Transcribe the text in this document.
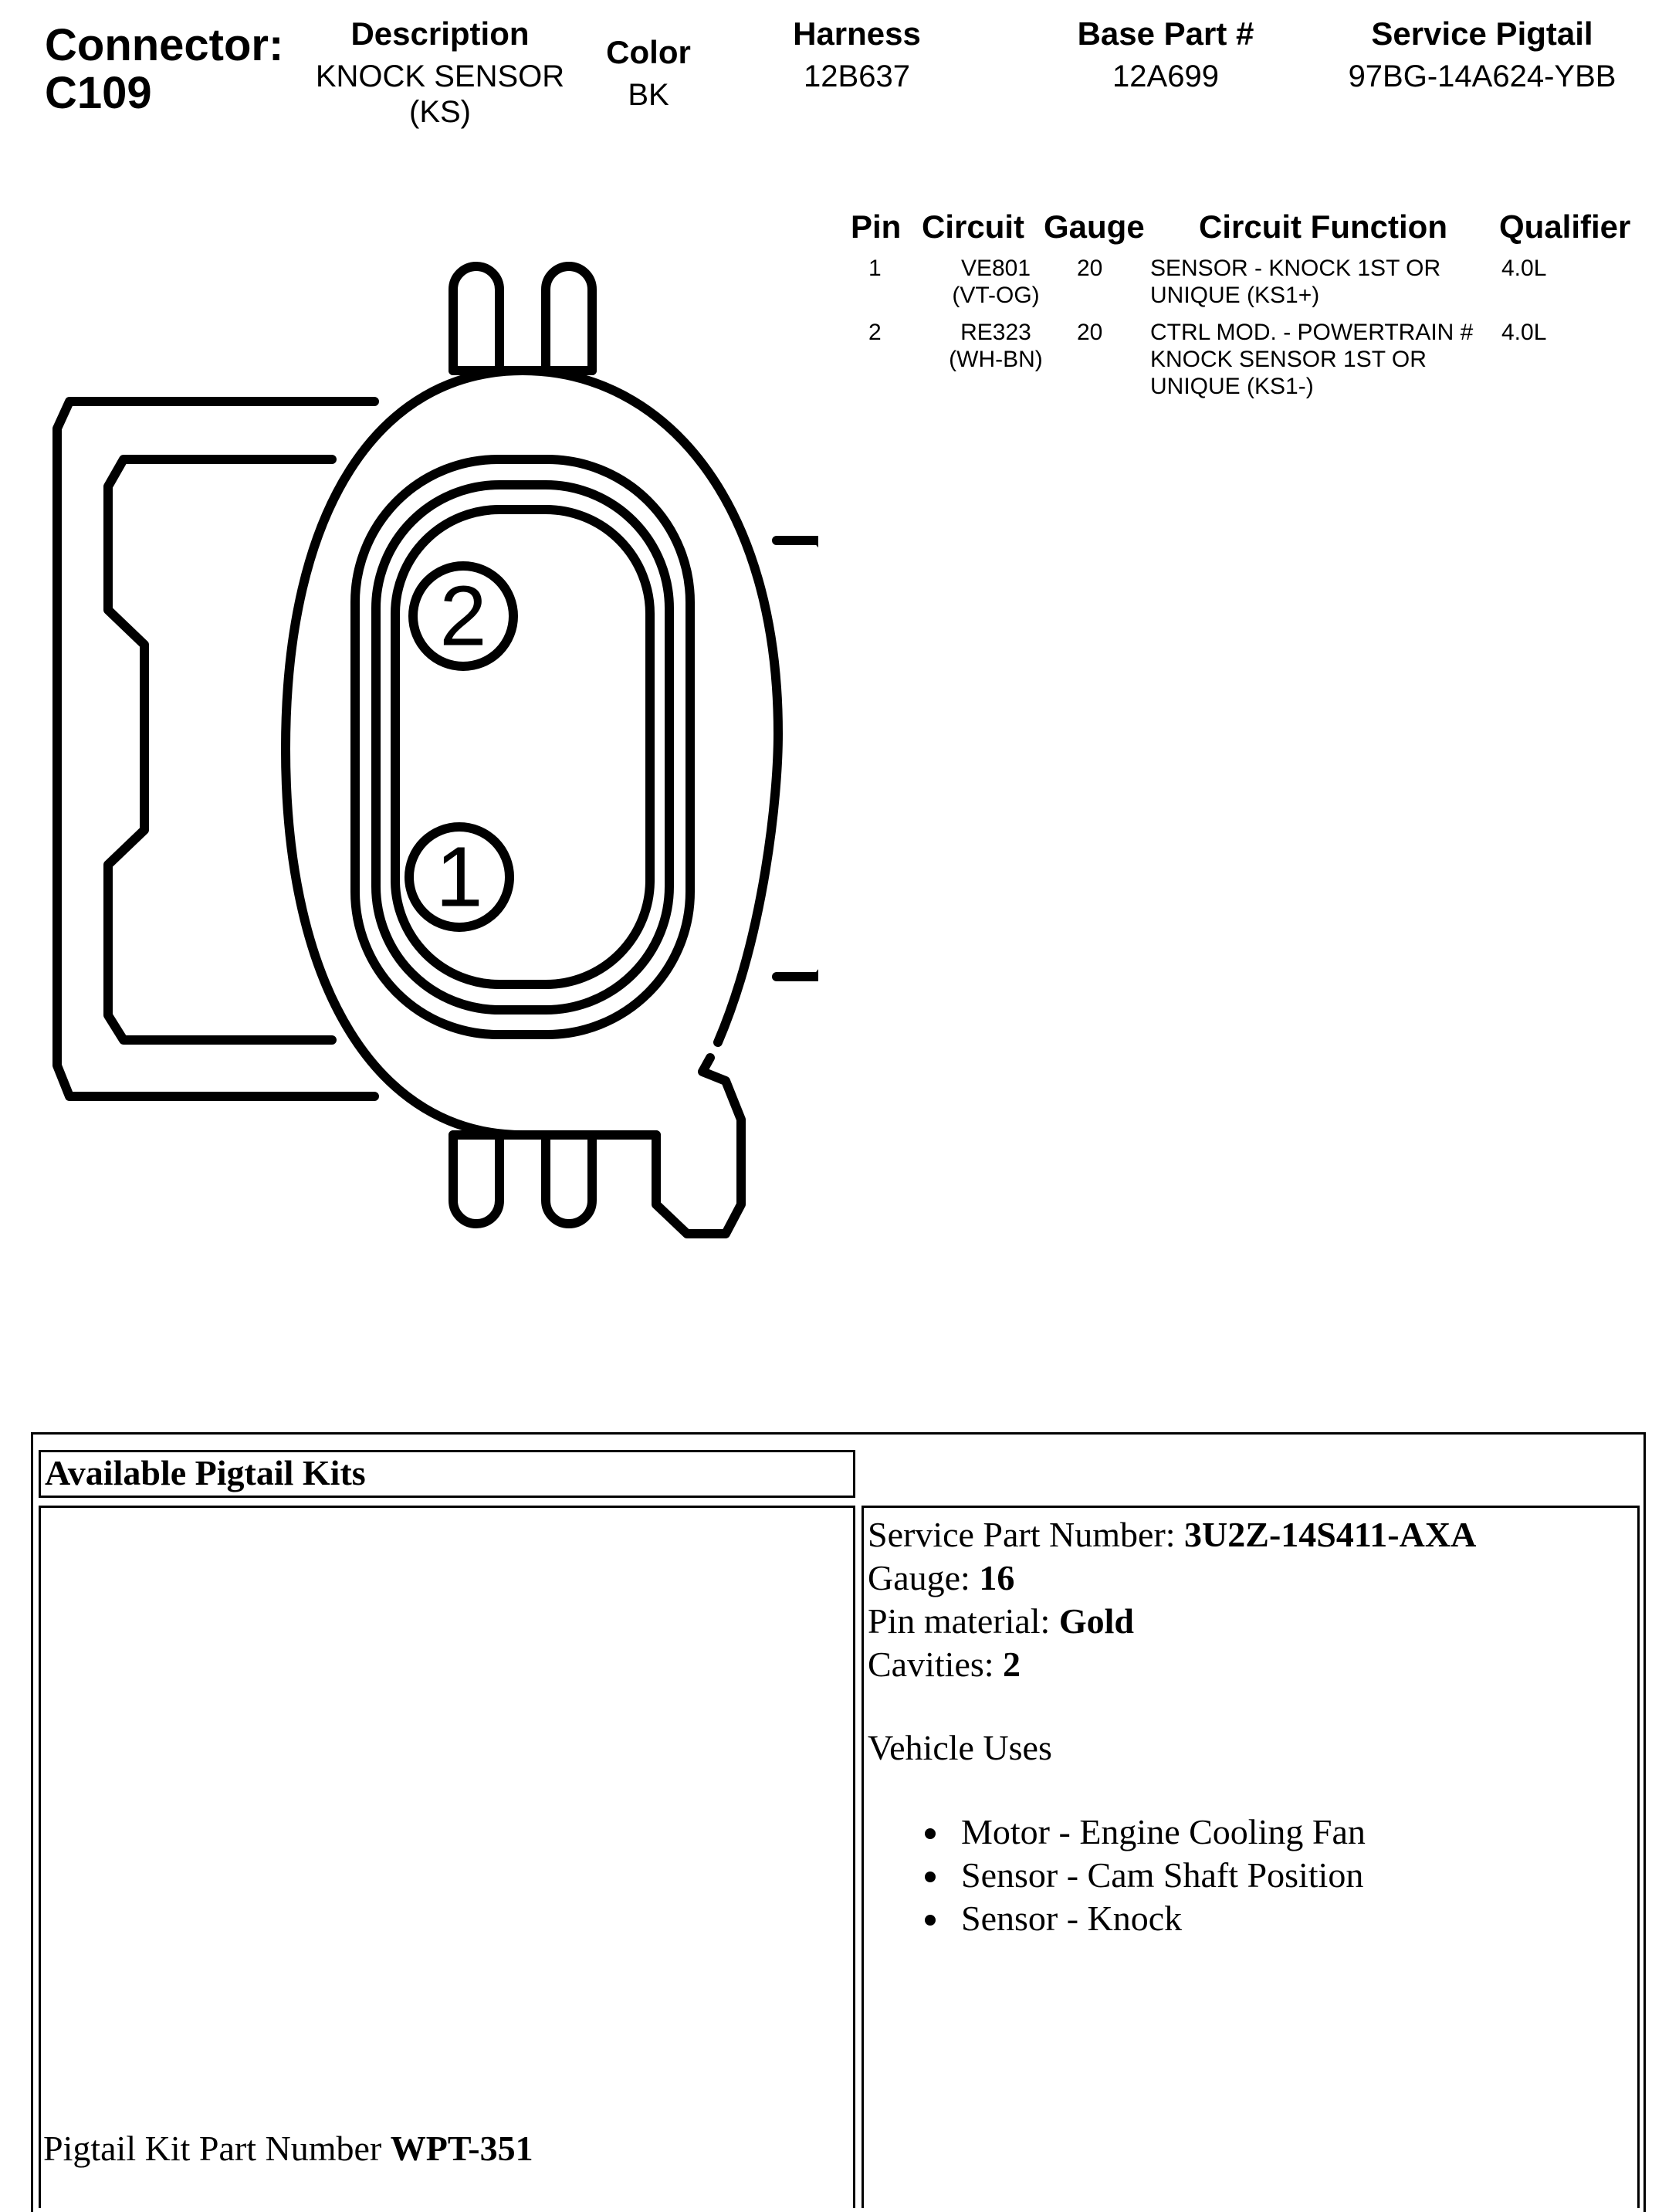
Connector:
C109
Description
KNOCK SENSOR
(KS)
Color
BK
Harness
12B637
Base Part #
12A699
Service Pigtail
97BG-14A624-YBB
Pin Circuit Gauge Circuit Function Qualifier
1	VE801
(VT-OG)
20 SENSOR - KNOCK 1ST OR
UNIQUE (KS1+)
4.0L
2	RE323
(WH-BN)
20 CTRL MOD. - POWERTRAIN #
KNOCK SENSOR 1ST OR
UNIQUE (KS1-)
4.0L
2
1
Available Pigtail Kits
Service Part Number: 3U2Z-14S411-AXA
Gauge: 16
Pin material: Gold
Cavities: 2
Vehicle Uses
Motor - Engine Cooling Fan
Sensor - Cam Shaft Position
Sensor - Knock
Pigtail Kit Part Number WPT-351
